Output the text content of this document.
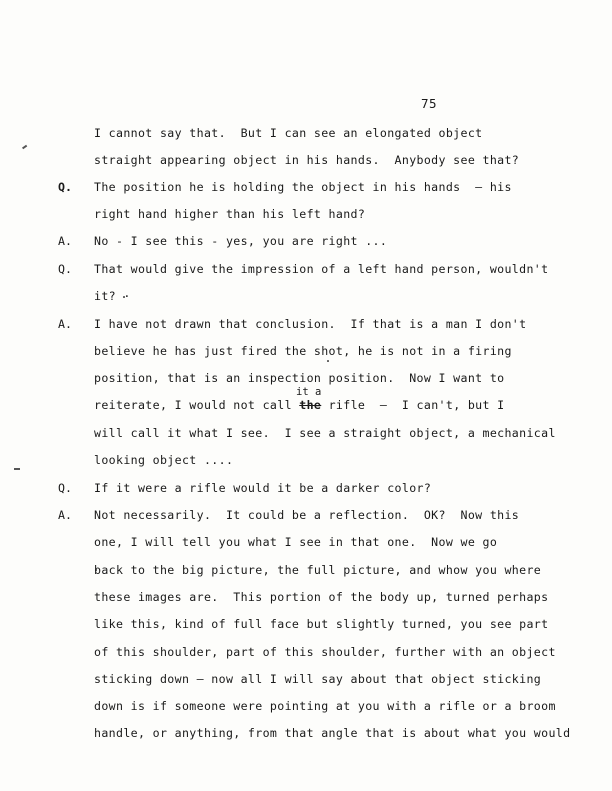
75
I cannot say that.  But I can see an elongated object
straight appearing object in his hands.  Anybody see that?
Q. The position he is holding the object in his hands  – his
right hand higher than his left hand?
A. No - I see this - yes, you are right ...
Q. That would give the impression of a left hand person, wouldn't
it? ·
A. I have not drawn that conclusion.  If that is a man I don't
believe he has just fired the shot, he is not in a firing
position, that is an inspection position.  Now I want to
it a
reiterate, I would not call the rifle  –  I can't, but I
will call it what I see.  I see a straight object, a mechanical
looking object ....
Q. If it were a rifle would it be a darker color?
A. Not necessarily.  It could be a reflection.  OK?  Now this
one, I will tell you what I see in that one.  Now we go
back to the big picture, the full picture, and whow you where
these images are.  This portion of the body up, turned perhaps
like this, kind of full face but slightly turned, you see part
of this shoulder, part of this shoulder, further with an object
sticking down – now all I will say about that object sticking
down is if someone were pointing at you with a rifle or a broom
handle, or anything, from that angle that is about what you would
